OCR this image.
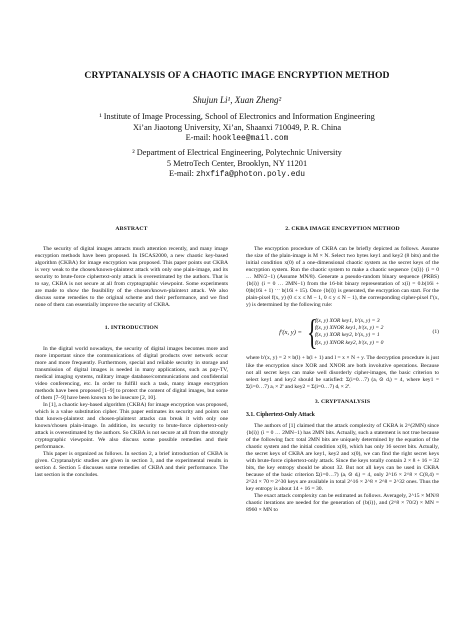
CRYPTANALYSIS OF A CHAOTIC IMAGE ENCRYPTION METHOD
Shujun Li¹, Xuan Zheng²
¹ Institute of Image Processing, School of Electronics and Information Engineering
Xi’an Jiaotong University, Xi’an, Shaanxi 710049, P. R. China
E-mail: hooklee@mail.com
² Department of Electrical Engineering, Polytechnic University
5 MetroTech Center, Brooklyn, NY 11201
E-mail: zhxfifa@photon.poly.edu
ABSTRACT

The security of digital images attracts much attention recently, and many image encryption methods have been proposed. In ISCAS2000, a new chaotic key-based algorithm (CKBA) for image encryption was proposed. This paper points out CKBA is very weak to the chosen/known-plaintext attack with only one plain-image, and its security to brute-force ciphertext-only attack is overestimated by the authors. That is to say, CKBA is not secure at all from cryptographic viewpoint. Some experiments are made to show the feasibility of the chosen/known-plaintext attack. We also discuss some remedies to the original scheme and their performance, and we find none of them can essentially improve the security of CKBA.

1. INTRODUCTION

In the digital world nowadays, the security of digital images becomes more and more important since the communications of digital products over network occur more and more frequently. Furthermore, special and reliable security in storage and transmission of digital images is needed in many applications, such as pay-TV, medical imaging systems, military image database/communications and confidential video conferencing, etc. In order to fulfill such a task, many image encryption methods have been proposed [1–9] to protect the content of digital images, but some of them [7–9] have been known to be insecure [2, 10].

In [1], a chaotic key-based algorithm (CKBA) for image encryption was proposed, which is a value substitution cipher. This paper estimates its security and points out that known-plaintext and chosen-plaintext attacks can break it with only one known/chosen plain-image. In addition, its security to brute-force ciphertext-only attack is overestimated by the authors. So CKBA is not secure at all from the strongly cryptographic viewpoint. We also discuss some possible remedies and their performance.

This paper is organized as follows. In section 2, a brief introduction of CKBA is given. Cryptanalytic studies are given in section 3, and the experimental results in section 4. Section 5 discusses some remedies of CKBA and their performance. The last section is the concludes.

2. CKBA IMAGE ENCRYPTION METHOD

The encryption procedure of CKBA can be briefly depicted as follows. Assume the size of the plain-image is M × N. Select two bytes key1 and key2 (8 bits) and the initial condition x(0) of a one-dimensional chaotic system as the secret keys of the encryption system. Run the chaotic system to make a chaotic sequence {x(i)} (i = 0 … MN/2−1) (Assume MN/8). Generate a pseudo-random binary sequence (PRBS) {b(i)} (i = 0 … 2MN−1) from the 16-bit binary representation of x(i) = 0.b(16i + 0)b(16i + 1) ⋯ b(16i + 15). Once {b(i)} is generated, the encryption can start. For the plain-pixel f(x, y) (0 ≤ x ≤ M − 1, 0 ≤ y ≤ N − 1), the corresponding cipher-pixel f′(x, y) is determined by the following rule:

f′(x, y) = {
f(x, y) XOR key1, b′(x, y) = 3
f(x, y) XNOR key1, b′(x, y) = 2
f(x, y) XOR key2, b′(x, y) = 1
f(x, y) XNOR key2, b′(x, y) = 0
(1)

where b′(x, y) = 2 × b(l) + b(l + 1) and l = x × N + y. The decryption procedure is just like the encryption since XOR and XNOR are both involutive operations. Because not all secret keys can make well disorderly cipher-images, the basic criterion to select key1 and key2 should be satisfied: Σ(i=0…7) (aᵢ ⊙ dᵢ) = 4, where key1 = Σ(i=0…7) aᵢ × 2ⁱ and key2 = Σ(i=0…7) dᵢ × 2ⁱ.

3. CRYPTANALYSIS
3.1. Ciphertext-Only Attack

The authors of [1] claimed that the attack complexity of CKBA is 2^(2MN) since {b(i)} (i = 0 … 2MN−1) has 2MN bits. Actually, such a statement is not true because of the following fact: total 2MN bits are uniquely determined by the equation of the chaotic system and the initial condition x(0), which has only 16 secret bits. Actually, the secret keys of CKBA are key1, key2 and x(0), we can find the right secret keys with brute-force ciphertext-only attack. Since the keys totally contain 2 × 8 + 16 = 32 bits, the key entropy should be about 32. But not all keys can be used in CKBA because of the basic criterion Σ(i=0…7) (aᵢ ⊙ dᵢ) = 4, only 2^16 × 2^8 × C(8,4) = 2^24 × 70 ≈ 2^30 keys are available in total 2^16 × 2^8 × 2^8 = 2^32 ones. Thus the key entropy is about 14 + 16 = 30.

The exact attack complexity can be estimated as follows. Averagely, 2^15 × MN/8 chaotic iterations are needed for the generation of {b(i)}, and (2^8 × 70/2) × MN = 8960 × MN to
